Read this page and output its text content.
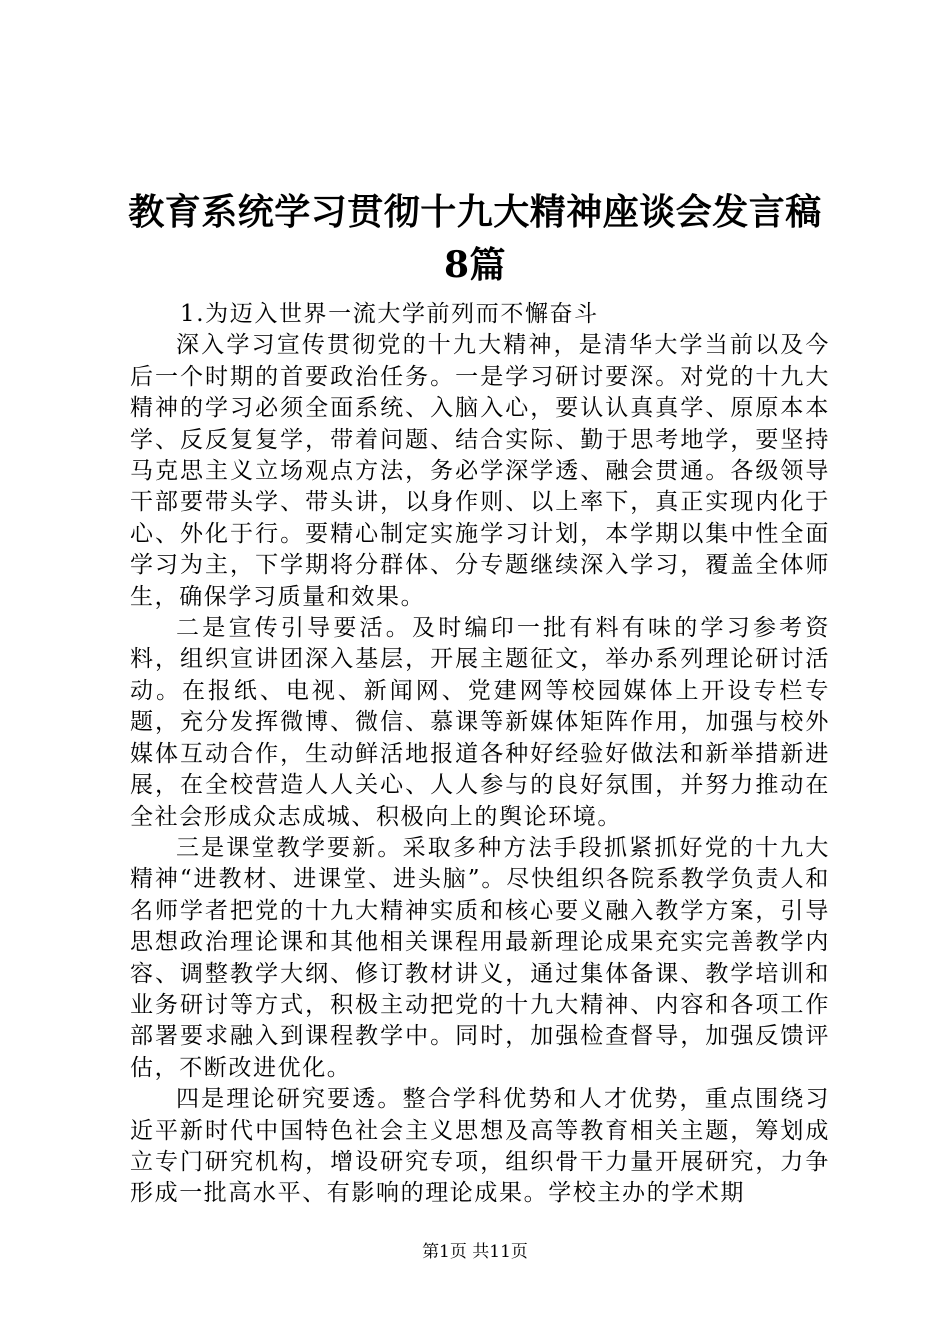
教育系统学习贯彻十九大精神座谈会发言稿8篇

1.为迈入世界一流大学前列而不懈奋斗

深入学习宣传贯彻党的十九大精神，是清华大学当前以及今后一个时期的首要政治任务。一是学习研讨要深。对党的十九大精神的学习必须全面系统、入脑入心，要认认真真学、原原本本学、反反复复学，带着问题、结合实际、勤于思考地学，要坚持马克思主义立场观点方法，务必学深学透、融会贯通。各级领导干部要带头学、带头讲，以身作则、以上率下，真正实现内化于心、外化于行。要精心制定实施学习计划，本学期以集中性全面学习为主，下学期将分群体、分专题继续深入学习，覆盖全体师生，确保学习质量和效果。

二是宣传引导要活。及时编印一批有料有味的学习参考资料，组织宣讲团深入基层，开展主题征文，举办系列理论研讨活动。在报纸、电视、新闻网、党建网等校园媒体上开设专栏专题，充分发挥微博、微信、慕课等新媒体矩阵作用，加强与校外媒体互动合作，生动鲜活地报道各种好经验好做法和新举措新进展，在全校营造人人关心、人人参与的良好氛围，并努力推动在全社会形成众志成城、积极向上的舆论环境。

三是课堂教学要新。采取多种方法手段抓紧抓好党的十九大精神“进教材、进课堂、进头脑”。尽快组织各院系教学负责人和名师学者把党的十九大精神实质和核心要义融入教学方案，引导思想政治理论课和其他相关课程用最新理论成果充实完善教学内容、调整教学大纲、修订教材讲义，通过集体备课、教学培训和业务研讨等方式，积极主动把党的十九大精神、内容和各项工作部署要求融入到课程教学中。同时，加强检查督导，加强反馈评估，不断改进优化。

四是理论研究要透。整合学科优势和人才优势，重点围绕习近平新时代中国特色社会主义思想及高等教育相关主题，筹划成立专门研究机构，增设研究专项，组织骨干力量开展研究，力争形成一批高水平、有影响的理论成果。学校主办的学术期

第1页 共11页
